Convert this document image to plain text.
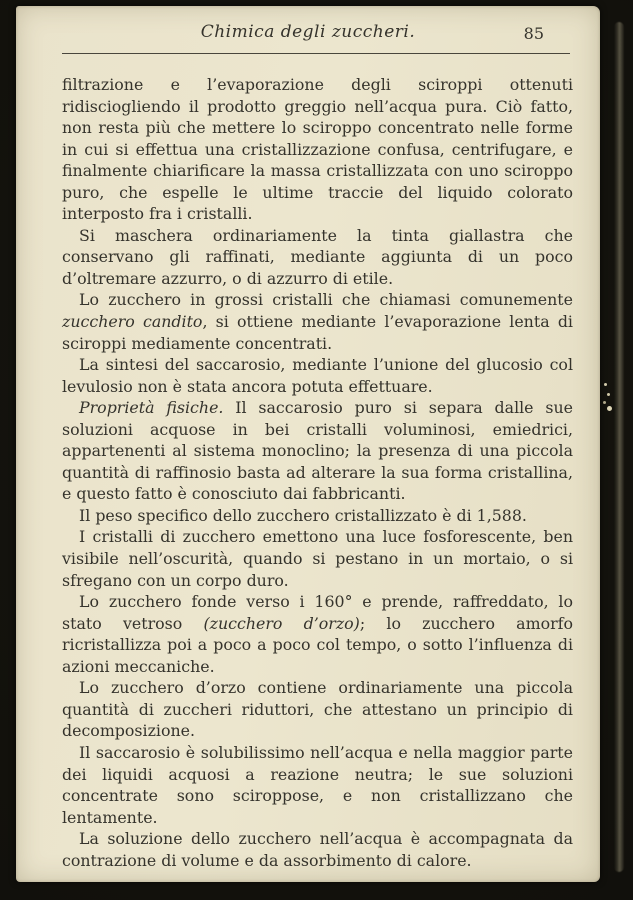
Chimica degli zuccheri.	85

filtrazione e l’evaporazione degli sciroppi ottenuti ridisciogliendo il prodotto greggio nell’acqua pura. Ciò fatto, non resta più che mettere lo sciroppo concentrato nelle forme in cui si effettua una cristallizzazione confusa, centrifugare, e finalmente chiarificare la massa cristallizzata con uno sciroppo puro, che espelle le ultime traccie del liquido colorato interposto fra i cristalli.

Si maschera ordinariamente la tinta giallastra che conservano gli raffinati, mediante aggiunta di un poco d’oltremare azzurro, o di azzurro di etile.

Lo zucchero in grossi cristalli che chiamasi comunemente zucchero candito, si ottiene mediante l’evaporazione lenta di sciroppi mediamente concentrati.

La sintesi del saccarosio, mediante l’unione del glucosio col levulosio non è stata ancora potuta effettuare.

Proprietà fisiche. Il saccarosio puro si separa dalle sue soluzioni acquose in bei cristalli voluminosi, emiedrici, appartenenti al sistema monoclino; la presenza di una piccola quantità di raffinosio basta ad alterare la sua forma cristallina, e questo fatto è conosciuto dai fabbricanti.

Il peso specifico dello zucchero cristallizzato è di 1,588.

I cristalli di zucchero emettono una luce fosforescente, ben visibile nell’oscurità, quando si pestano in un mortaio, o si sfregano con un corpo duro.

Lo zucchero fonde verso i 160° e prende, raffreddato, lo stato vetroso (zucchero d’orzo); lo zucchero amorfo ricristallizza poi a poco a poco col tempo, o sotto l’influenza di azioni meccaniche.

Lo zucchero d’orzo contiene ordinariamente una piccola quantità di zuccheri riduttori, che attestano un principio di decomposizione.

Il saccarosio è solubilissimo nell’acqua e nella maggior parte dei liquidi acquosi a reazione neutra; le sue soluzioni concentrate sono sciroppose, e non cristallizzano che lentamente.

La soluzione dello zucchero nell’acqua è accompagnata da contrazione di volume e da assorbimento di calore.
